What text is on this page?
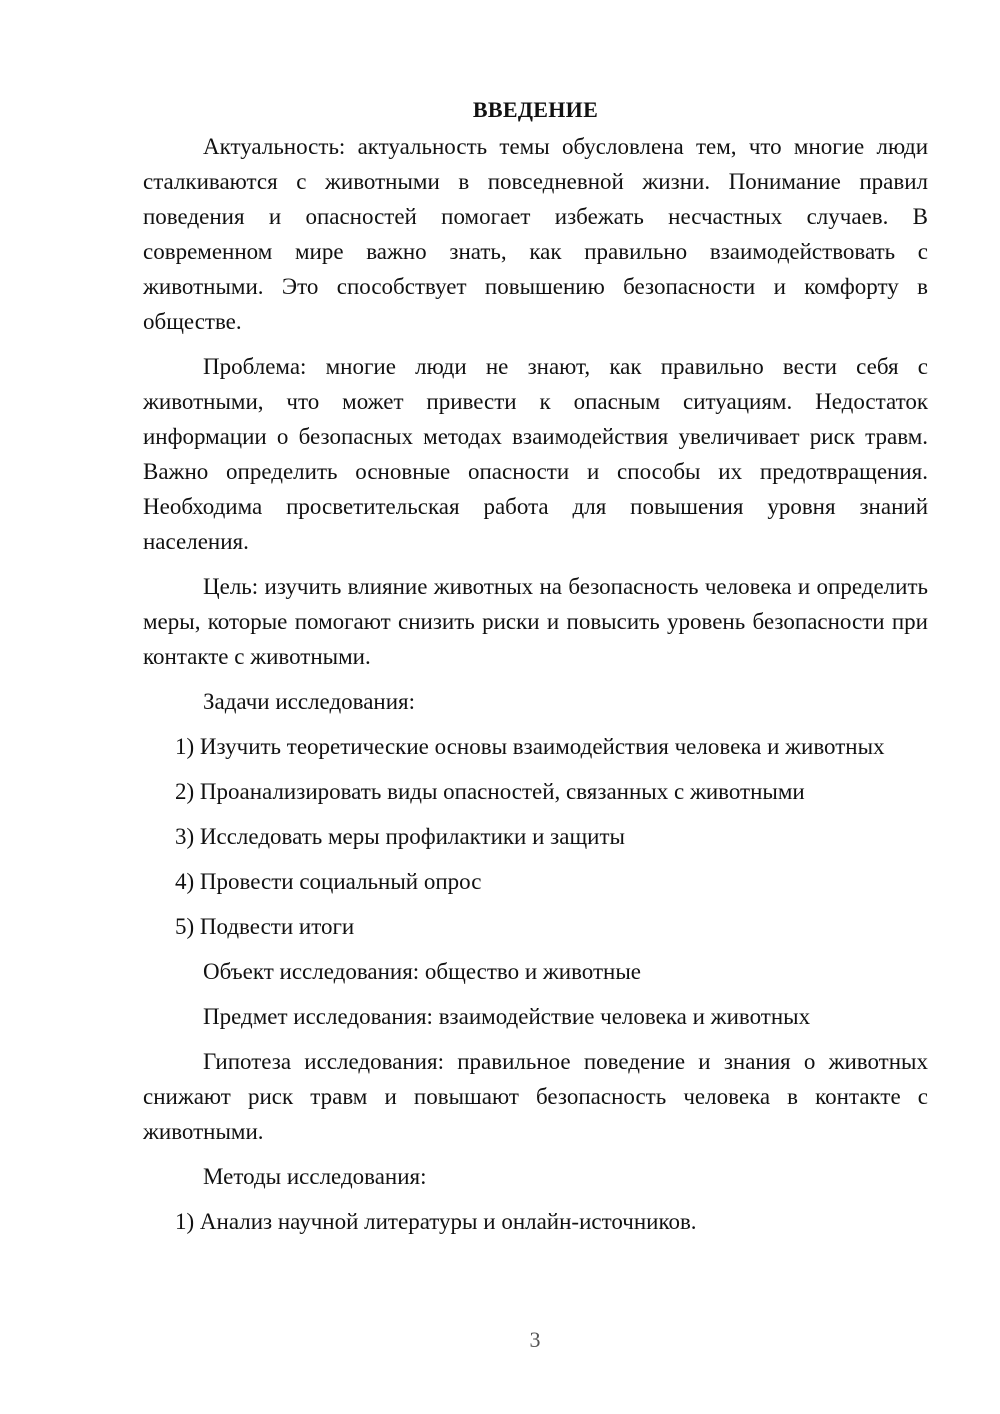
ВВЕДЕНИЕ

Актуальность: актуальность темы обусловлена тем, что многие люди сталкиваются с животными в повседневной жизни. Понимание правил поведения и опасностей помогает избежать несчастных случаев. В современном мире важно знать, как правильно взаимодействовать с животными. Это способствует повышению безопасности и комфорту в обществе.

Проблема: многие люди не знают, как правильно вести себя с животными, что может привести к опасным ситуациям. Недостаток информации о безопасных методах взаимодействия увеличивает риск травм. Важно определить основные опасности и способы их предотвращения. Необходима просветительская работа для повышения уровня знаний населения.

Цель: изучить влияние животных на безопасность человека и определить меры, которые помогают снизить риски и повысить уровень безопасности при контакте с животными.

Задачи исследования:

1) Изучить теоретические основы взаимодействия человека и животных

2) Проанализировать виды опасностей, связанных с животными

3) Исследовать меры профилактики и защиты

4) Провести социальный опрос

5) Подвести итоги

Объект исследования: общество и животные

Предмет исследования: взаимодействие человека и животных

Гипотеза исследования: правильное поведение и знания о животных снижают риск травм и повышают безопасность человека в контакте с животными.

Методы исследования:

1) Анализ научной литературы и онлайн-источников.

3
